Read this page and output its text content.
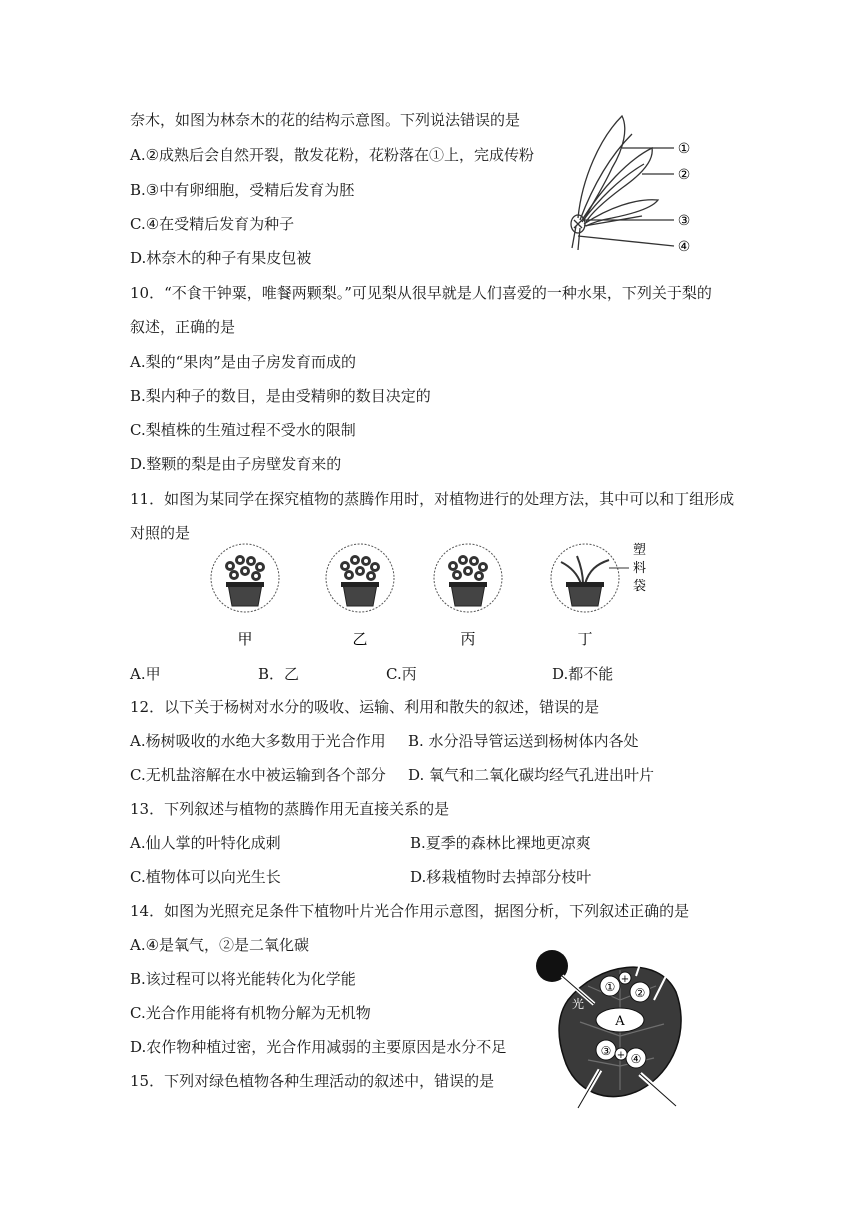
奈木，如图为林奈木的花的结构示意图。下列说法错误的是
A.②成熟后会自然开裂，散发花粉，花粉落在①上，完成传粉
B.③中有卵细胞，受精后发育为胚
C.④在受精后发育为种子
D.林奈木的种子有果皮包被
①
②
③
④
10．“不食干钟粟，唯餐两颗梨。”可见梨从很早就是人们喜爱的一种水果，下列关于梨的
叙述，正确的是
A.梨的“果肉”是由子房发育而成的
B.梨内种子的数目，是由受精卵的数目决定的
C.梨植株的生殖过程不受水的限制
D.整颗的梨是由子房壁发育来的
11．如图为某同学在探究植物的蒸腾作用时，对植物进行的处理方法，其中可以和丁组形成
对照的是
塑
料
袋
甲	乙	丙	丁
A.甲	B．乙	C.丙	D.都不能
12．以下关于杨树对水分的吸收、运输、利用和散失的叙述，错误的是
A.杨树吸收的水绝大多数用于光合作用 B. 水分沿导管运送到杨树体内各处
C.无机盐溶解在水中被运输到各个部分 D. 氧气和二氧化碳均经气孔进出叶片
13．下列叙述与植物的蒸腾作用无直接关系的是
A.仙人掌的叶特化成刺	B.夏季的森林比裸地更凉爽
C.植物体可以向光生长	D.移栽植物时去掉部分枝叶
14．如图为光照充足条件下植物叶片光合作用示意图，据图分析，下列叙述正确的是
A.④是氧气，②是二氧化碳
B.该过程可以将光能转化为化学能
C.光合作用能将有机物分解为无机物
D.农作物种植过密，光合作用减弱的主要原因是水分不足
光
① ②
+
A
③
④
+
15．下列对绿色植物各种生理活动的叙述中，错误的是
